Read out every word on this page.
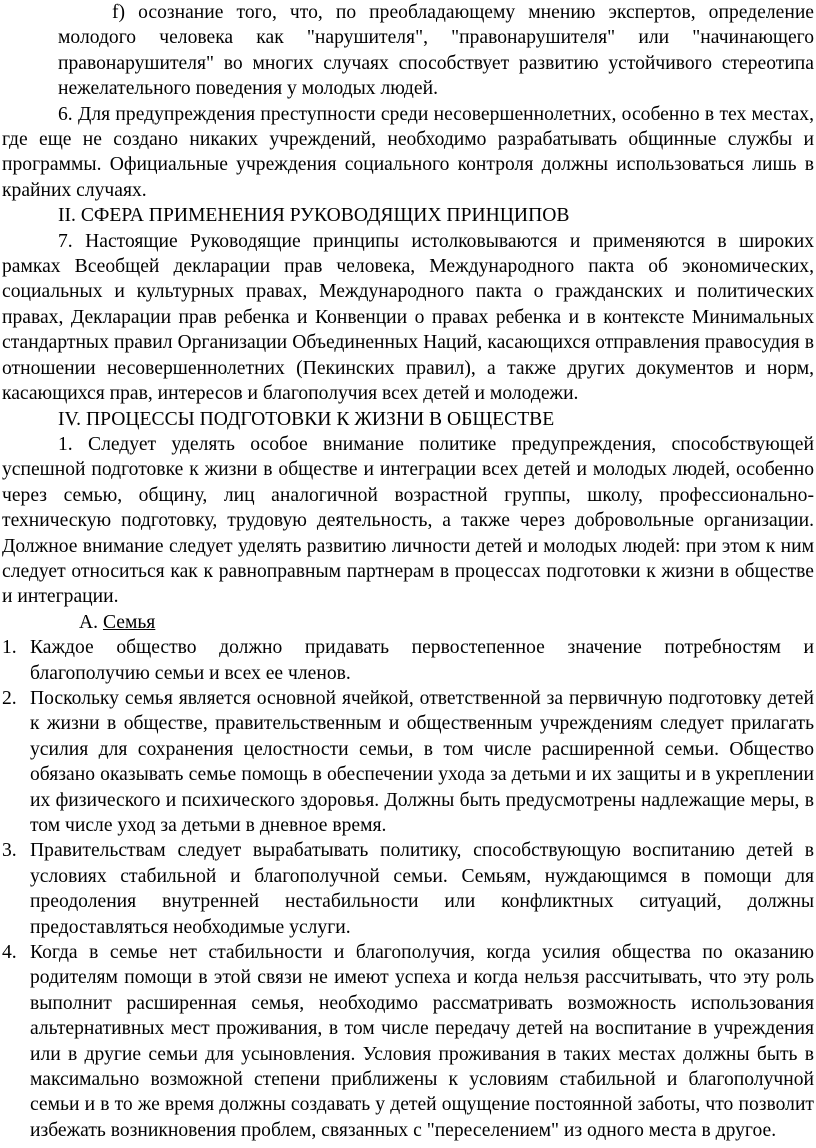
f) осознание того, что, по преобладающему мнению экспертов, определение молодого человека как "нарушителя", "правонарушителя" или "начинающего правонарушителя" во многих случаях способствует развитию устойчивого стереотипа нежелательного поведения у молодых людей.

6. Для предупреждения преступности среди несовершеннолетних, особенно в тех местах, где еще не создано никаких учреждений, необходимо разрабатывать общинные службы и программы. Официальные учреждения социального контроля должны использоваться лишь в крайних случаях.

II. СФЕРА ПРИМЕНЕНИЯ РУКОВОДЯЩИХ ПРИНЦИПОВ

7. Настоящие Руководящие принципы истолковываются и применяются в широких рамках Всеобщей декларации прав человека, Международного пакта об экономических, социальных и культурных правах, Международного пакта о гражданских и политических правах, Декларации прав ребенка и Конвенции о правах ребенка и в контексте Минимальных стандартных правил Организации Объединенных Наций, касающихся отправления правосудия в отношении несовершеннолетних (Пекинских правил), а также других документов и норм, касающихся прав, интересов и благополучия всех детей и молодежи.

IV. ПРОЦЕССЫ ПОДГОТОВКИ К ЖИЗНИ В ОБЩЕСТВЕ

1. Следует уделять особое внимание политике предупреждения, способствующей успешной подготовке к жизни в обществе и интеграции всех детей и молодых людей, особенно через семью, общину, лиц аналогичной возрастной группы, школу, профессионально-техническую подготовку, трудовую деятельность, а также через добровольные организации. Должное внимание следует уделять развитию личности детей и молодых людей: при этом к ним следует относиться как к равноправным партнерам в процессах подготовки к жизни в обществе и интеграции.

A. Семья

1. Каждое общество должно придавать первостепенное значение потребностям и благополучию семьи и всех ее членов.
2. Поскольку семья является основной ячейкой, ответственной за первичную подготовку детей к жизни в обществе, правительственным и общественным учреждениям следует прилагать усилия для сохранения целостности семьи, в том числе расширенной семьи. Общество обязано оказывать семье помощь в обеспечении ухода за детьми и их защиты и в укреплении их физического и психического здоровья. Должны быть предусмотрены надлежащие меры, в том числе уход за детьми в дневное время.
3. Правительствам следует вырабатывать политику, способствующую воспитанию детей в условиях стабильной и благополучной семьи. Семьям, нуждающимся в помощи для преодоления внутренней нестабильности или конфликтных ситуаций, должны предоставляться необходимые услуги.
4. Когда в семье нет стабильности и благополучия, когда усилия общества по оказанию родителям помощи в этой связи не имеют успеха и когда нельзя рассчитывать, что эту роль выполнит расширенная семья, необходимо рассматривать возможность использования альтернативных мест проживания, в том числе передачу детей на воспитание в учреждения или в другие семьи для усыновления. Условия проживания в таких местах должны быть в максимально возможной степени приближены к условиям стабильной и благополучной семьи и в то же время должны создавать у детей ощущение постоянной заботы, что позволит избежать возникновения проблем, связанных с "переселением" из одного места в другое.
